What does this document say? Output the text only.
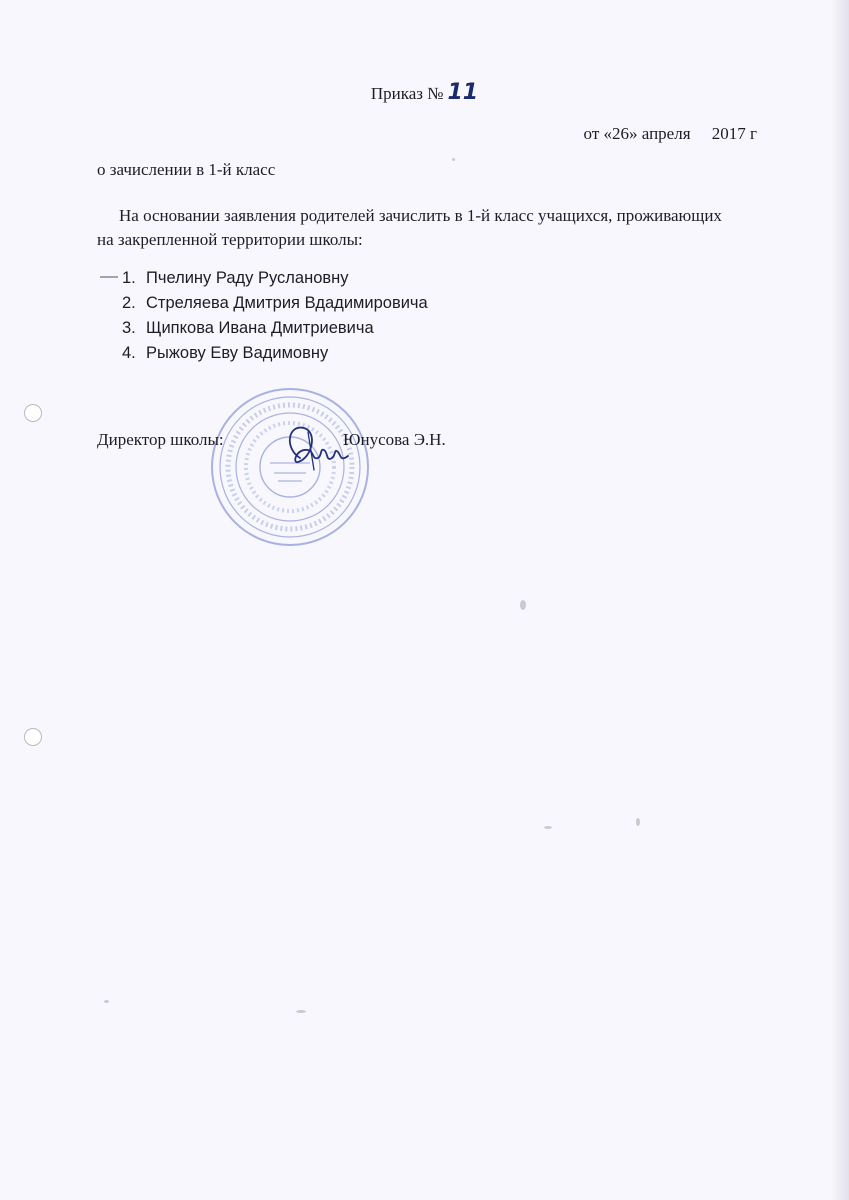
Приказ № 11
от «26» апреля     2017 г
о зачислении в 1-й класс
На основании заявления родителей зачислить в 1-й класс учащихся, проживающих на закрепленной территории школы:
1. Пчелину Раду Руслановну
2. Стреляева Дмитрия Вдадимировича
3. Щипкова Ивана Дмитриевича
4. Рыжову Еву Вадимовну
Директор школы:	Юнусова Э.Н.
